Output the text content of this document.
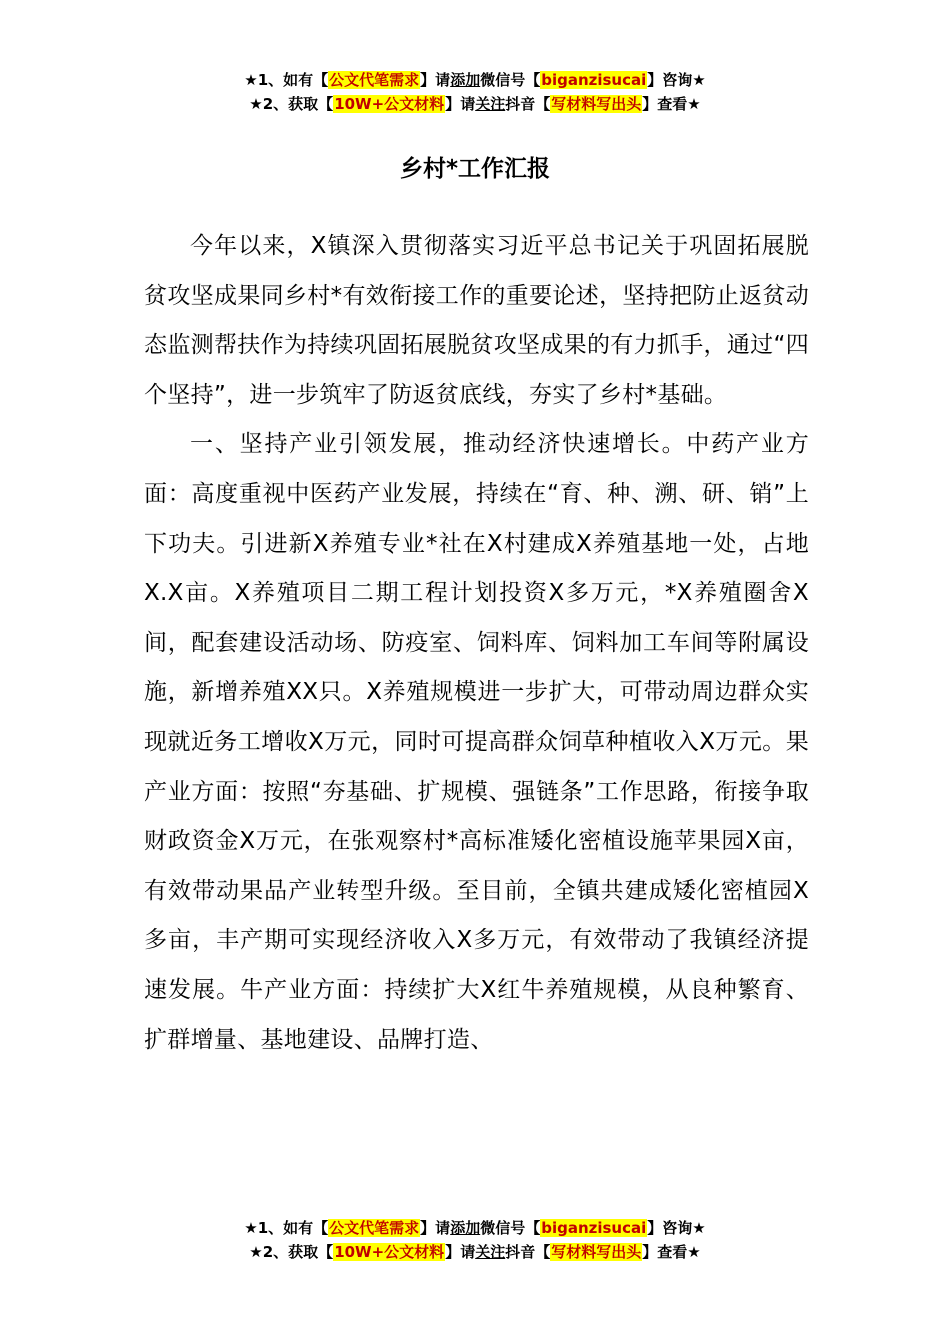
★1、如有【公文代笔需求】请添加微信号【biganzisucai】咨询★
★2、获取【10W+公文材料】请关注抖音【写材料写出头】查看★
乡村*工作汇报

今年以来，X镇深入贯彻落实习近平总书记关于巩固拓展脱贫攻坚成果同乡村*有效衔接工作的重要论述，坚持把防止返贫动态监测帮扶作为持续巩固拓展脱贫攻坚成果的有力抓手，通过“四个坚持”，进一步筑牢了防返贫底线，夯实了乡村*基础。

一、坚持产业引领发展，推动经济快速增长。中药产业方面：高度重视中医药产业发展，持续在“育、种、溯、研、销”上下功夫。引进新X养殖专业*社在X村建成X养殖基地一处，占地X.X亩。X养殖项目二期工程计划投资X多万元，*X养殖圈舍X间，配套建设活动场、防疫室、饲料库、饲料加工车间等附属设施，新增养殖XX只。X养殖规模进一步扩大，可带动周边群众实现就近务工增收X万元，同时可提高群众饲草种植收入X万元。果产业方面：按照“夯基础、扩规模、强链条”工作思路，衔接争取财政资金X万元，在张观察村*高标准矮化密植设施苹果园X亩，有效带动果品产业转型升级。至目前，全镇共建成矮化密植园X多亩，丰产期可实现经济收入X多万元，有效带动了我镇经济提速发展。牛产业方面：持续扩大X红牛养殖规模，从良种繁育、扩群增量、基地建设、品牌打造、

★1、如有【公文代笔需求】请添加微信号【biganzisucai】咨询★
★2、获取【10W+公文材料】请关注抖音【写材料写出头】查看★
